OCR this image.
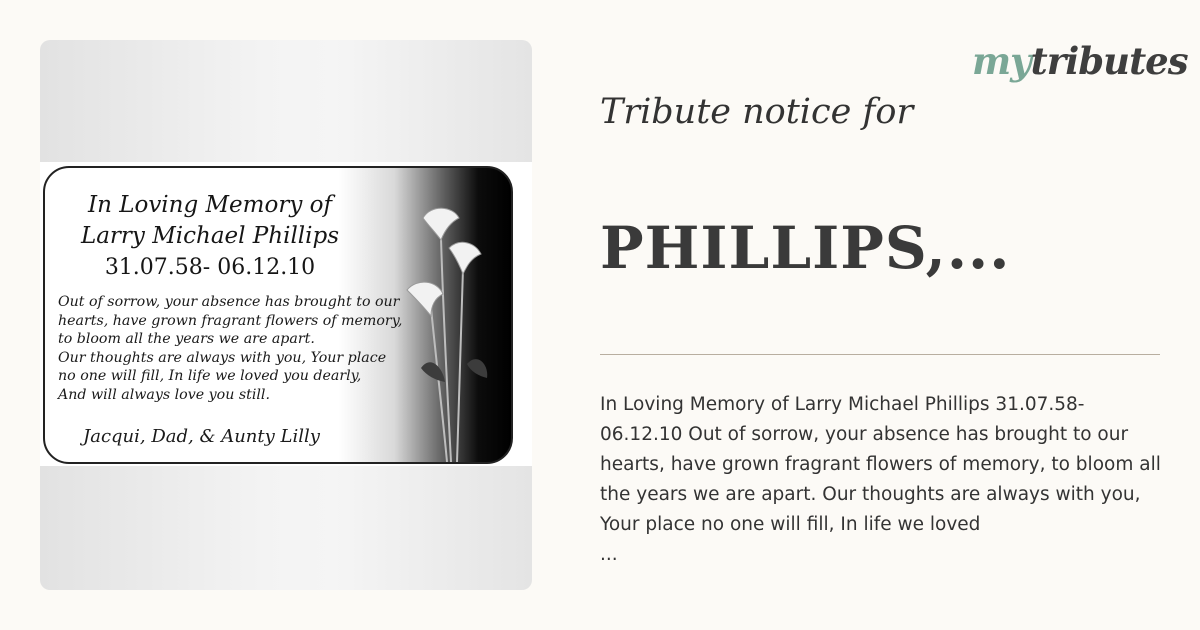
In Loving Memory of
Larry Michael Phillips
31.07.58- 06.12.10
Out of sorrow, your absence has brought to our
hearts, have grown fragrant flowers of memory,
to bloom all the years we are apart.
Our thoughts are always with you, Your place
no one will fill, In life we loved you dearly,
And will always love you still.
Jacqui, Dad, & Aunty Lilly
mytributes
Tribute notice for
PHILLIPS,...
In Loving Memory of Larry Michael Phillips 31.07.58- 06.12.10 Out of sorrow, your absence has brought to our hearts, have grown fragrant flowers of memory, to bloom all the years we are apart. Our thoughts are always with you, Your place no one will fill, In life we loved
...
